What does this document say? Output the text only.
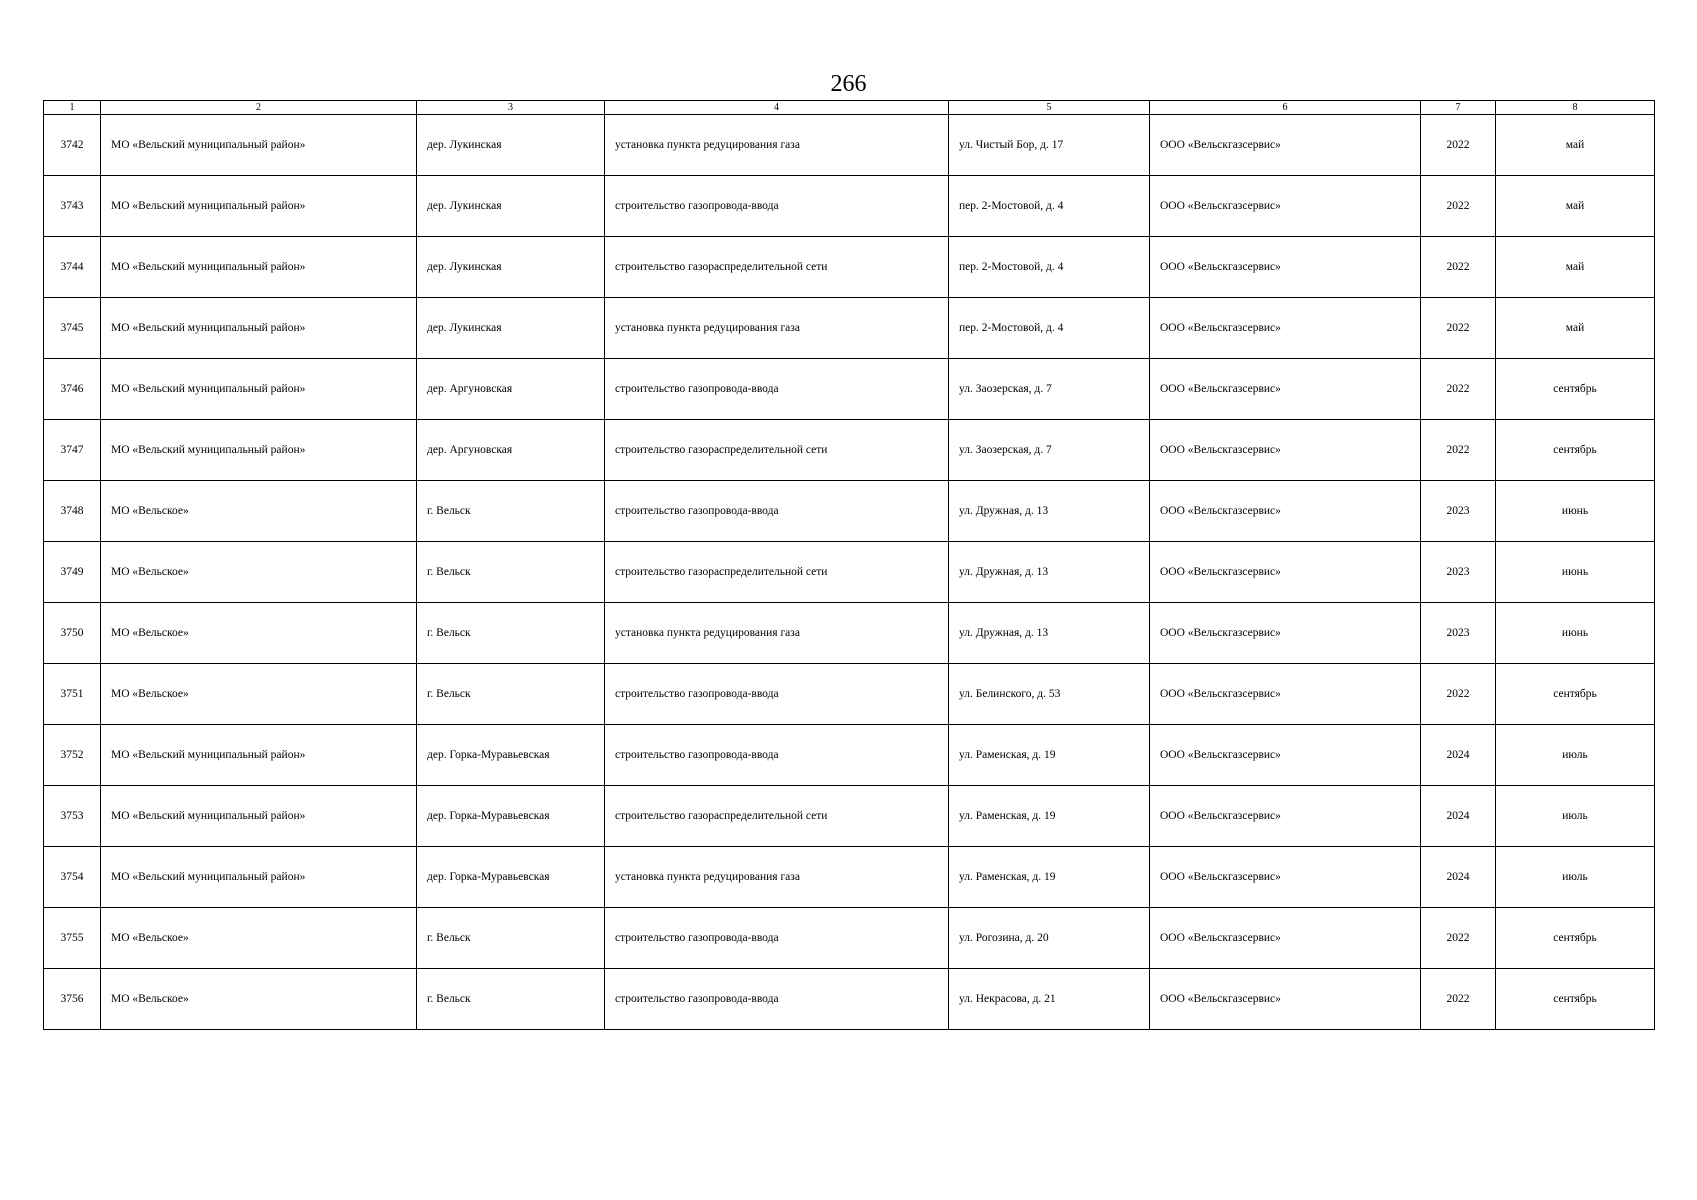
266
1	2	3	4	5	6	7	8
3742	МО «Вельский муниципальный район»	дер. Лукинская	установка пункта редуцирования газа	ул. Чистый Бор, д. 17	ООО «Вельскгазсервис»	2022	май
3743	МО «Вельский муниципальный район»	дер. Лукинская	строительство газопровода-ввода	пер. 2-Мостовой, д. 4	ООО «Вельскгазсервис»	2022	май
3744	МО «Вельский муниципальный район»	дер. Лукинская	строительство газораспределительной сети	пер. 2-Мостовой, д. 4	ООО «Вельскгазсервис»	2022	май
3745	МО «Вельский муниципальный район»	дер. Лукинская	установка пункта редуцирования газа	пер. 2-Мостовой, д. 4	ООО «Вельскгазсервис»	2022	май
3746	МО «Вельский муниципальный район»	дер. Аргуновская	строительство газопровода-ввода	ул. Заозерская, д. 7	ООО «Вельскгазсервис»	2022	сентябрь
3747	МО «Вельский муниципальный район»	дер. Аргуновская	строительство газораспределительной сети	ул. Заозерская, д. 7	ООО «Вельскгазсервис»	2022	сентябрь
3748	МО «Вельское»	г. Вельск	строительство газопровода-ввода	ул. Дружная, д. 13	ООО «Вельскгазсервис»	2023	июнь
3749	МО «Вельское»	г. Вельск	строительство газораспределительной сети	ул. Дружная, д. 13	ООО «Вельскгазсервис»	2023	июнь
3750	МО «Вельское»	г. Вельск	установка пункта редуцирования газа	ул. Дружная, д. 13	ООО «Вельскгазсервис»	2023	июнь
3751	МО «Вельское»	г. Вельск	строительство газопровода-ввода	ул. Белинского, д. 53	ООО «Вельскгазсервис»	2022	сентябрь
3752	МО «Вельский муниципальный район»	дер. Горка-Муравьевская	строительство газопровода-ввода	ул. Раменская, д. 19	ООО «Вельскгазсервис»	2024	июль
3753	МО «Вельский муниципальный район»	дер. Горка-Муравьевская	строительство газораспределительной сети	ул. Раменская, д. 19	ООО «Вельскгазсервис»	2024	июль
3754	МО «Вельский муниципальный район»	дер. Горка-Муравьевская	установка пункта редуцирования газа	ул. Раменская, д. 19	ООО «Вельскгазсервис»	2024	июль
3755	МО «Вельское»	г. Вельск	строительство газопровода-ввода	ул. Рогозина, д. 20	ООО «Вельскгазсервис»	2022	сентябрь
3756	МО «Вельское»	г. Вельск	строительство газопровода-ввода	ул. Некрасова, д. 21	ООО «Вельскгазсервис»	2022	сентябрь
